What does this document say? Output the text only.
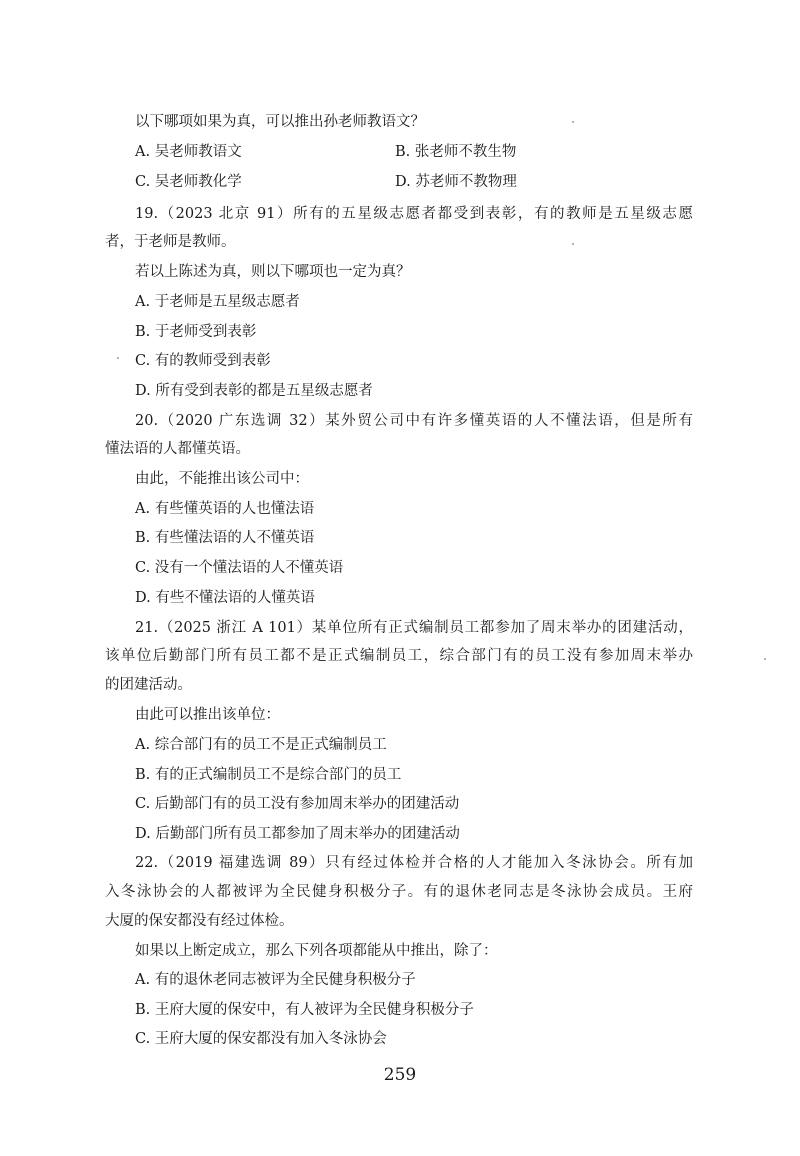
以下哪项如果为真，可以推出孙老师教语文？
A. 吴老师教语文	B. 张老师不教生物
C. 吴老师教化学	D. 苏老师不教物理
19.（2023 北京 91）所有的五星级志愿者都受到表彰，有的教师是五星级志愿
者，于老师是教师。
若以上陈述为真，则以下哪项也一定为真？
A. 于老师是五星级志愿者
B. 于老师受到表彰
C. 有的教师受到表彰
D. 所有受到表彰的都是五星级志愿者
20.（2020 广东选调 32）某外贸公司中有许多懂英语的人不懂法语，但是所有
懂法语的人都懂英语。
由此，不能推出该公司中：
A. 有些懂英语的人也懂法语
B. 有些懂法语的人不懂英语
C. 没有一个懂法语的人不懂英语
D. 有些不懂法语的人懂英语
21.（2025 浙江 A 101）某单位所有正式编制员工都参加了周末举办的团建活动，
该单位后勤部门所有员工都不是正式编制员工，综合部门有的员工没有参加周末举办
的团建活动。
由此可以推出该单位：
A. 综合部门有的员工不是正式编制员工
B. 有的正式编制员工不是综合部门的员工
C. 后勤部门有的员工没有参加周末举办的团建活动
D. 后勤部门所有员工都参加了周末举办的团建活动
22.（2019 福建选调 89）只有经过体检并合格的人才能加入冬泳协会。所有加
入冬泳协会的人都被评为全民健身积极分子。有的退休老同志是冬泳协会成员。王府
大厦的保安都没有经过体检。
如果以上断定成立，那么下列各项都能从中推出，除了：
A. 有的退休老同志被评为全民健身积极分子
B. 王府大厦的保安中，有人被评为全民健身积极分子
C. 王府大厦的保安都没有加入冬泳协会
259
